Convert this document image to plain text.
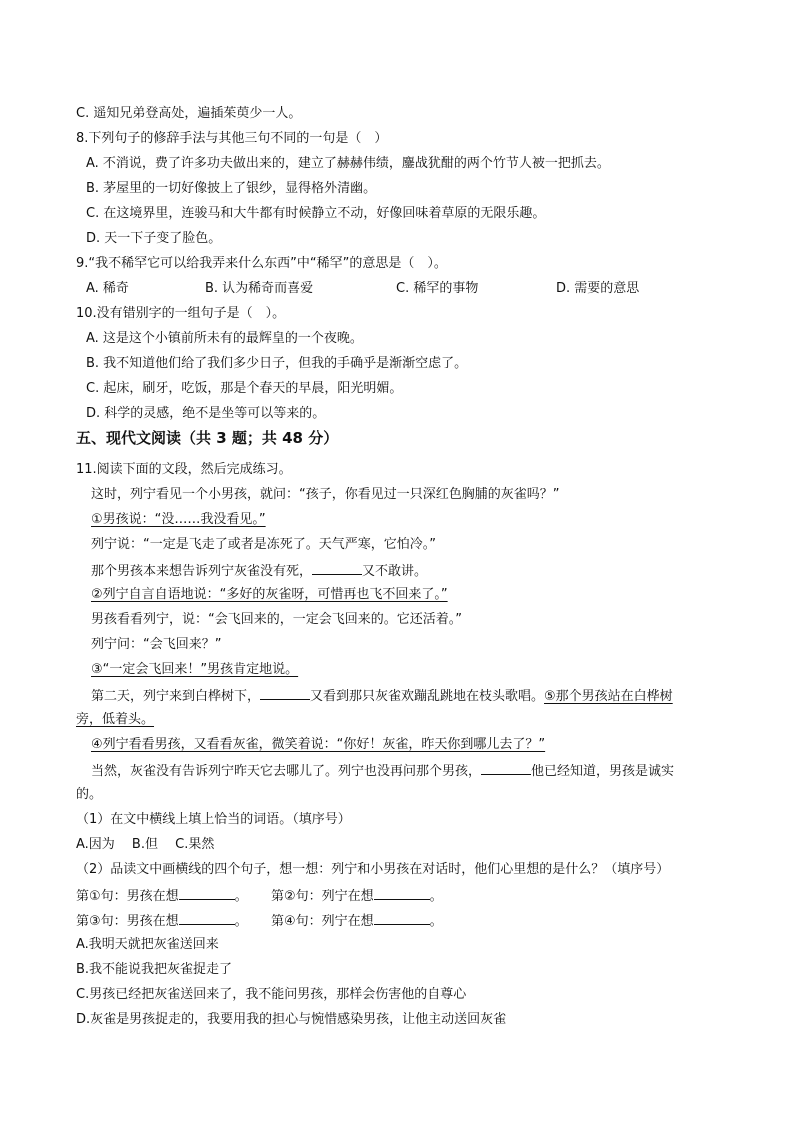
C. 遥知兄弟登高处，遍插茱萸少一人。
8.下列句子的修辞手法与其他三句不同的一句是（　）
A. 不消说，费了许多功夫做出来的，建立了赫赫伟绩，鏖战犹酣的两个竹节人被一把抓去。
B. 茅屋里的一切好像披上了银纱，显得格外清幽。
C. 在这境界里，连骏马和大牛都有时候静立不动，好像回味着草原的无限乐趣。
D. 天一下子变了脸色。
9.“我不稀罕它可以给我弄来什么东西”中“稀罕”的意思是（　）。
A. 稀奇	B. 认为稀奇而喜爱	C. 稀罕的事物	D. 需要的意思
10.没有错别字的一组句子是（　）。
A. 这是这个小镇前所未有的最辉皇的一个夜晚。
B. 我不知道他们给了我们多少日子，但我的手确乎是渐渐空虑了。
C. 起床，刷牙，吃饭，那是个春天的早晨，阳光明媚。
D. 科学的灵感，绝不是坐等可以等来的。
五、现代文阅读（共 3 题；共 48 分）
11.阅读下面的文段，然后完成练习。
这时，列宁看见一个小男孩，就问：“孩子，你看见过一只深红色胸脯的灰雀吗？”
①男孩说：“没……我没看见。”
列宁说：“一定是飞走了或者是冻死了。天气严寒，它怕冷。”
那个男孩本来想告诉列宁灰雀没有死，	又不敢讲。
②列宁自言自语地说：“多好的灰雀呀，可惜再也飞不回来了。”
男孩看看列宁，说：“会飞回来的，一定会飞回来的。它还活着。”
列宁问：“会飞回来？”
③“一定会飞回来！”男孩肯定地说。
第二天，列宁来到白桦树下，	又看到那只灰雀欢蹦乱跳地在枝头歌唱。⑤那个男孩站在白桦树
旁，低着头。
④列宁看看男孩，又看看灰雀，微笑着说：“你好！灰雀，昨天你到哪儿去了？”
当然，灰雀没有告诉列宁昨天它去哪儿了。列宁也没再问那个男孩，	他已经知道，男孩是诚实
的。
（1）在文中横线上填上恰当的词语。（填序号）
A.因为　 B.但　 C.果然
（2）品读文中画横线的四个句子，想一想：列宁和小男孩在对话时，他们心里想的是什么？（填序号）
第①句：男孩在想	。 第②句：列宁在想	。
第③句：男孩在想	。 第④句：列宁在想	。
A.我明天就把灰雀送回来
B.我不能说我把灰雀捉走了
C.男孩已经把灰雀送回来了，我不能问男孩，那样会伤害他的自尊心
D.灰雀是男孩捉走的，我要用我的担心与惋惜感染男孩，让他主动送回灰雀
